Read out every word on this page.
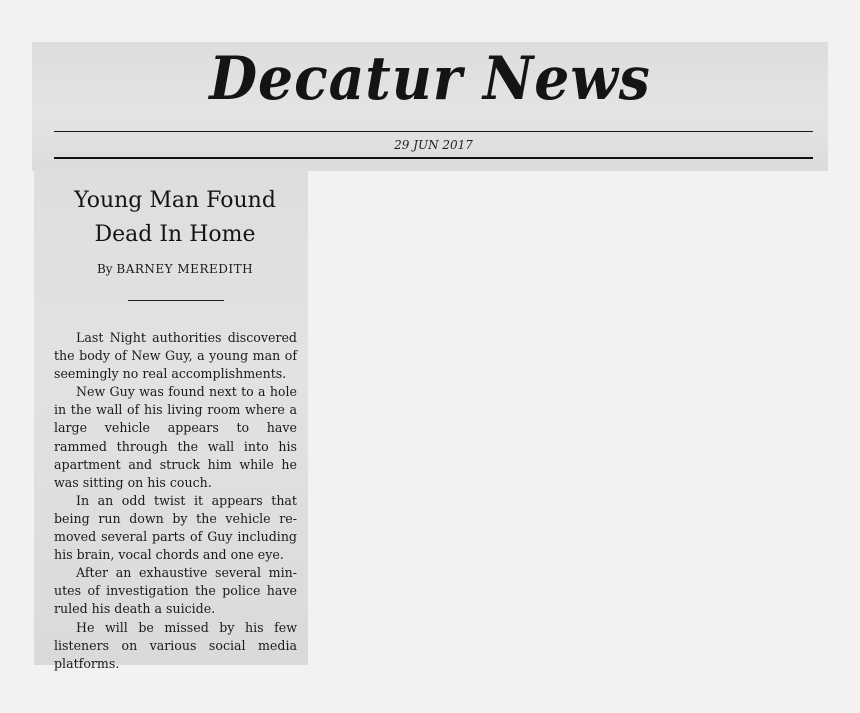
Decatur News
29 JUN 2017
Young Man Found Dead In Home
By BARNEY MEREDITH

Last Night authorities discovered the body of New Guy, a young man of seemingly no real accomplishments.

New Guy was found next to a hole in the wall of his living room where a large vehicle appears to have rammed through the wall into his apartment and struck him while he was sitting on his couch.

In an odd twist it appears that being run down by the vehicle removed several parts of Guy including his brain, vocal chords and one eye.

After an exhaustive several minutes of investigation the police have ruled his death a suicide.

He will be missed by his few listeners on various social media platforms.
